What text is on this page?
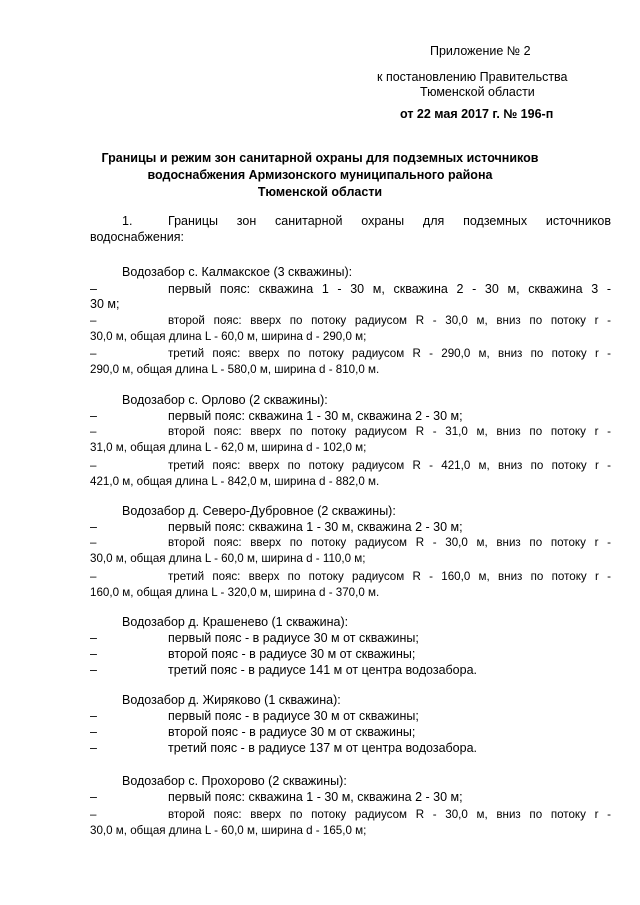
Приложение № 2
к постановлению Правительства
Тюменской области
от 22 мая 2017 г. № 196-п
Границы и режим зон санитарной охраны для подземных источников
водоснабжения Армизонского муниципального района
Тюменской области
1.	Границы зон санитарной охраны для подземных источников
водоснабжения:
Водозабор с. Калмакское (3 скважины):
–	первый пояс: скважина 1 - 30 м, скважина 2 - 30 м, скважина 3 -
30 м;
–	второй пояс: вверх по потоку радиусом R - 30,0 м, вниз по потоку r -
30,0 м, общая длина L - 60,0 м, ширина d - 290,0 м;
–	третий пояс: вверх по потоку радиусом R - 290,0 м, вниз по потоку r -
290,0 м, общая длина L - 580,0 м, ширина d - 810,0 м.
Водозабор с. Орлово (2 скважины):
–	первый пояс: скважина 1 - 30 м, скважина 2 - 30 м;
–	второй пояс: вверх по потоку радиусом R - 31,0 м, вниз по потоку r -
31,0 м, общая длина L - 62,0 м, ширина d - 102,0 м;
–	третий пояс: вверх по потоку радиусом R - 421,0 м, вниз по потоку r -
421,0 м, общая длина L - 842,0 м, ширина d - 882,0 м.
Водозабор д. Северо-Дубровное (2 скважины):
–	первый пояс: скважина 1 - 30 м, скважина 2 - 30 м;
–	второй пояс: вверх по потоку радиусом R - 30,0 м, вниз по потоку r -
30,0 м, общая длина L - 60,0 м, ширина d - 110,0 м;
–	третий пояс: вверх по потоку радиусом R - 160,0 м, вниз по потоку r -
160,0 м, общая длина L - 320,0 м, ширина d - 370,0 м.
Водозабор д. Крашенево (1 скважина):
–	первый пояс - в радиусе 30 м от скважины;
–	второй пояс - в радиусе 30 м от скважины;
–	третий пояс - в радиусе 141 м от центра водозабора.
Водозабор д. Жиряково (1 скважина):
–	первый пояс - в радиусе 30 м от скважины;
–	второй пояс - в радиусе 30 м от скважины;
–	третий пояс - в радиусе 137 м от центра водозабора.
Водозабор с. Прохорово (2 скважины):
–	первый пояс: скважина 1 - 30 м, скважина 2 - 30 м;
–	второй пояс: вверх по потоку радиусом R - 30,0 м, вниз по потоку r -
30,0 м, общая длина L - 60,0 м, ширина d - 165,0 м;
